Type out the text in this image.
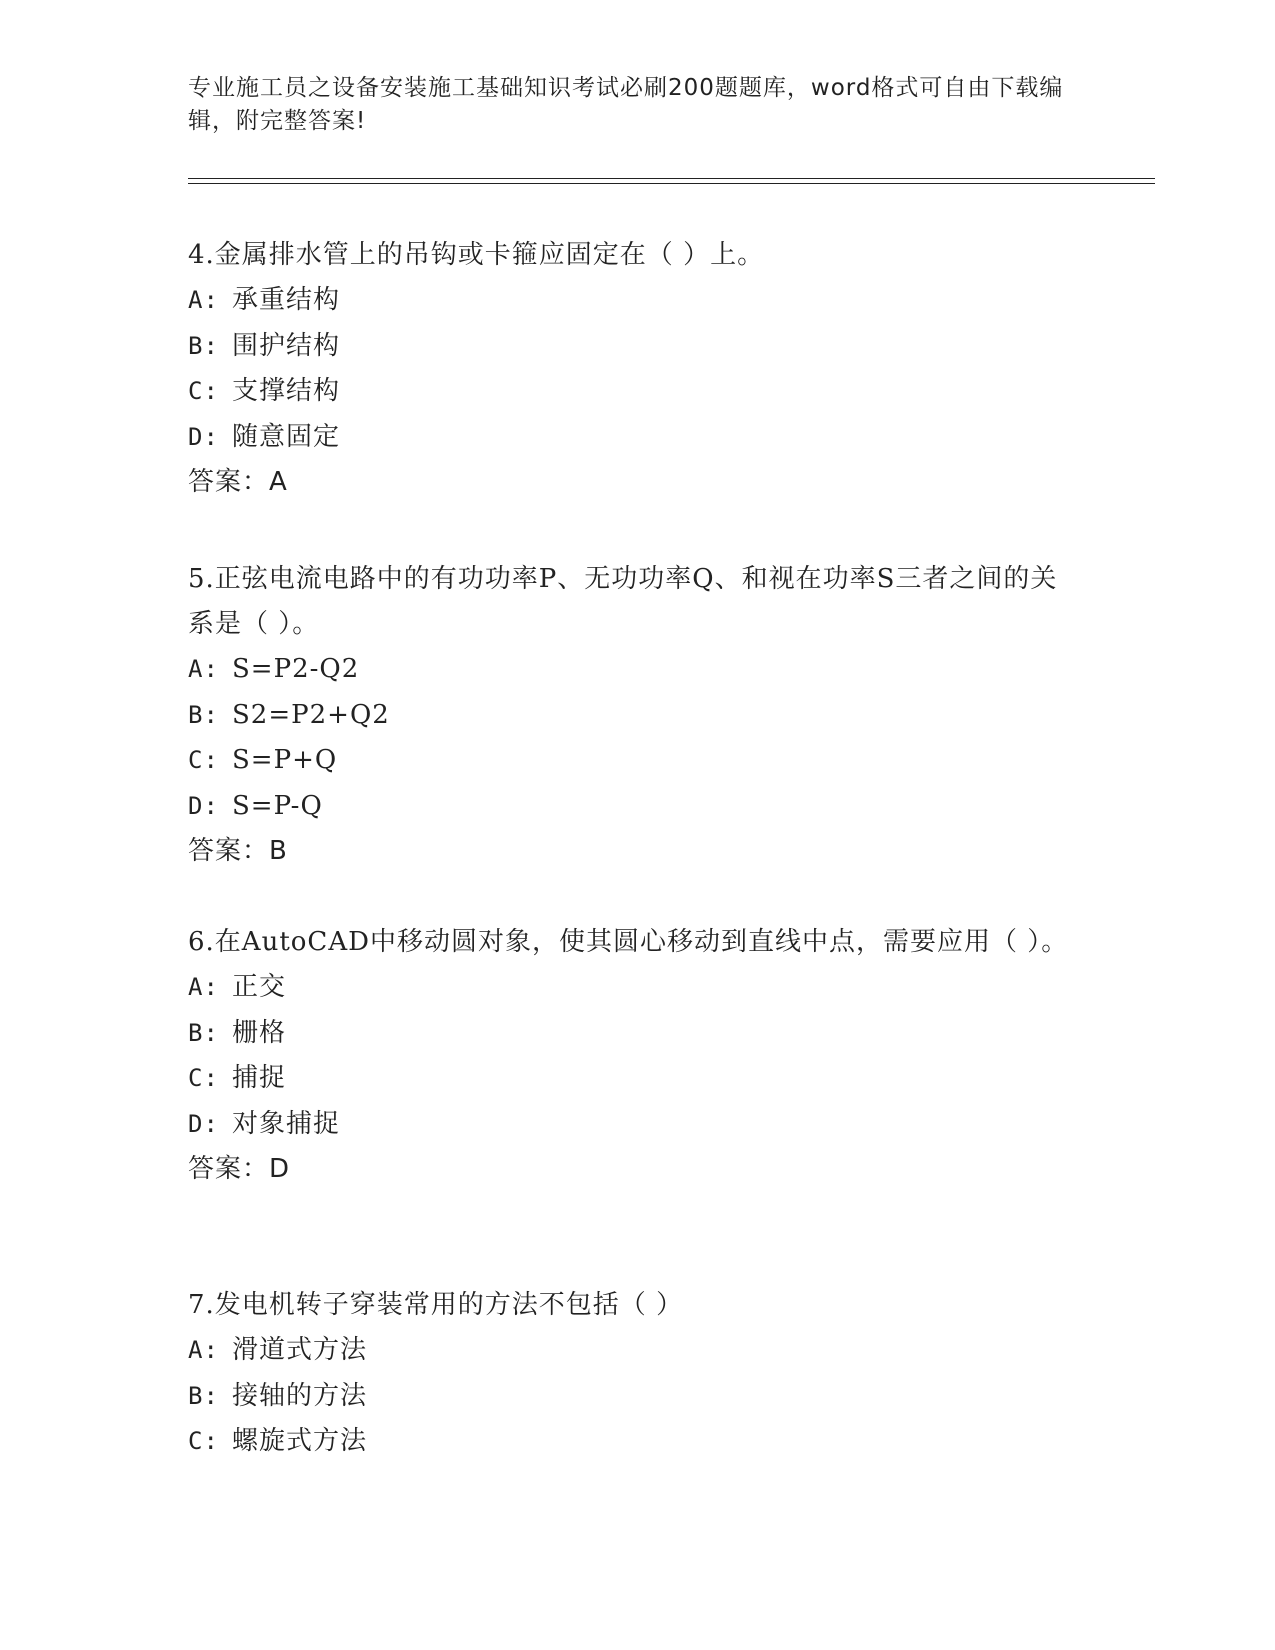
专业施工员之设备安装施工基础知识考试必刷200题题库，word格式可自由下载编辑，附完整答案!
4.金属排水管上的吊钩或卡箍应固定在（ ）上。
A: 承重结构
B: 围护结构
C: 支撑结构
D: 随意固定
答案：A
5.正弦电流电路中的有功功率P、无功功率Q、和视在功率S三者之间的关系是（ ）。
A: S=P2-Q2
B: S2=P2+Q2
C: S=P+Q
D: S=P-Q
答案：B
6.在AutoCAD中移动圆对象，使其圆心移动到直线中点，需要应用（ ）。
A: 正交
B: 栅格
C: 捕捉
D: 对象捕捉
答案：D
7.发电机转子穿装常用的方法不包括（ ）
A: 滑道式方法
B: 接轴的方法
C: 螺旋式方法
